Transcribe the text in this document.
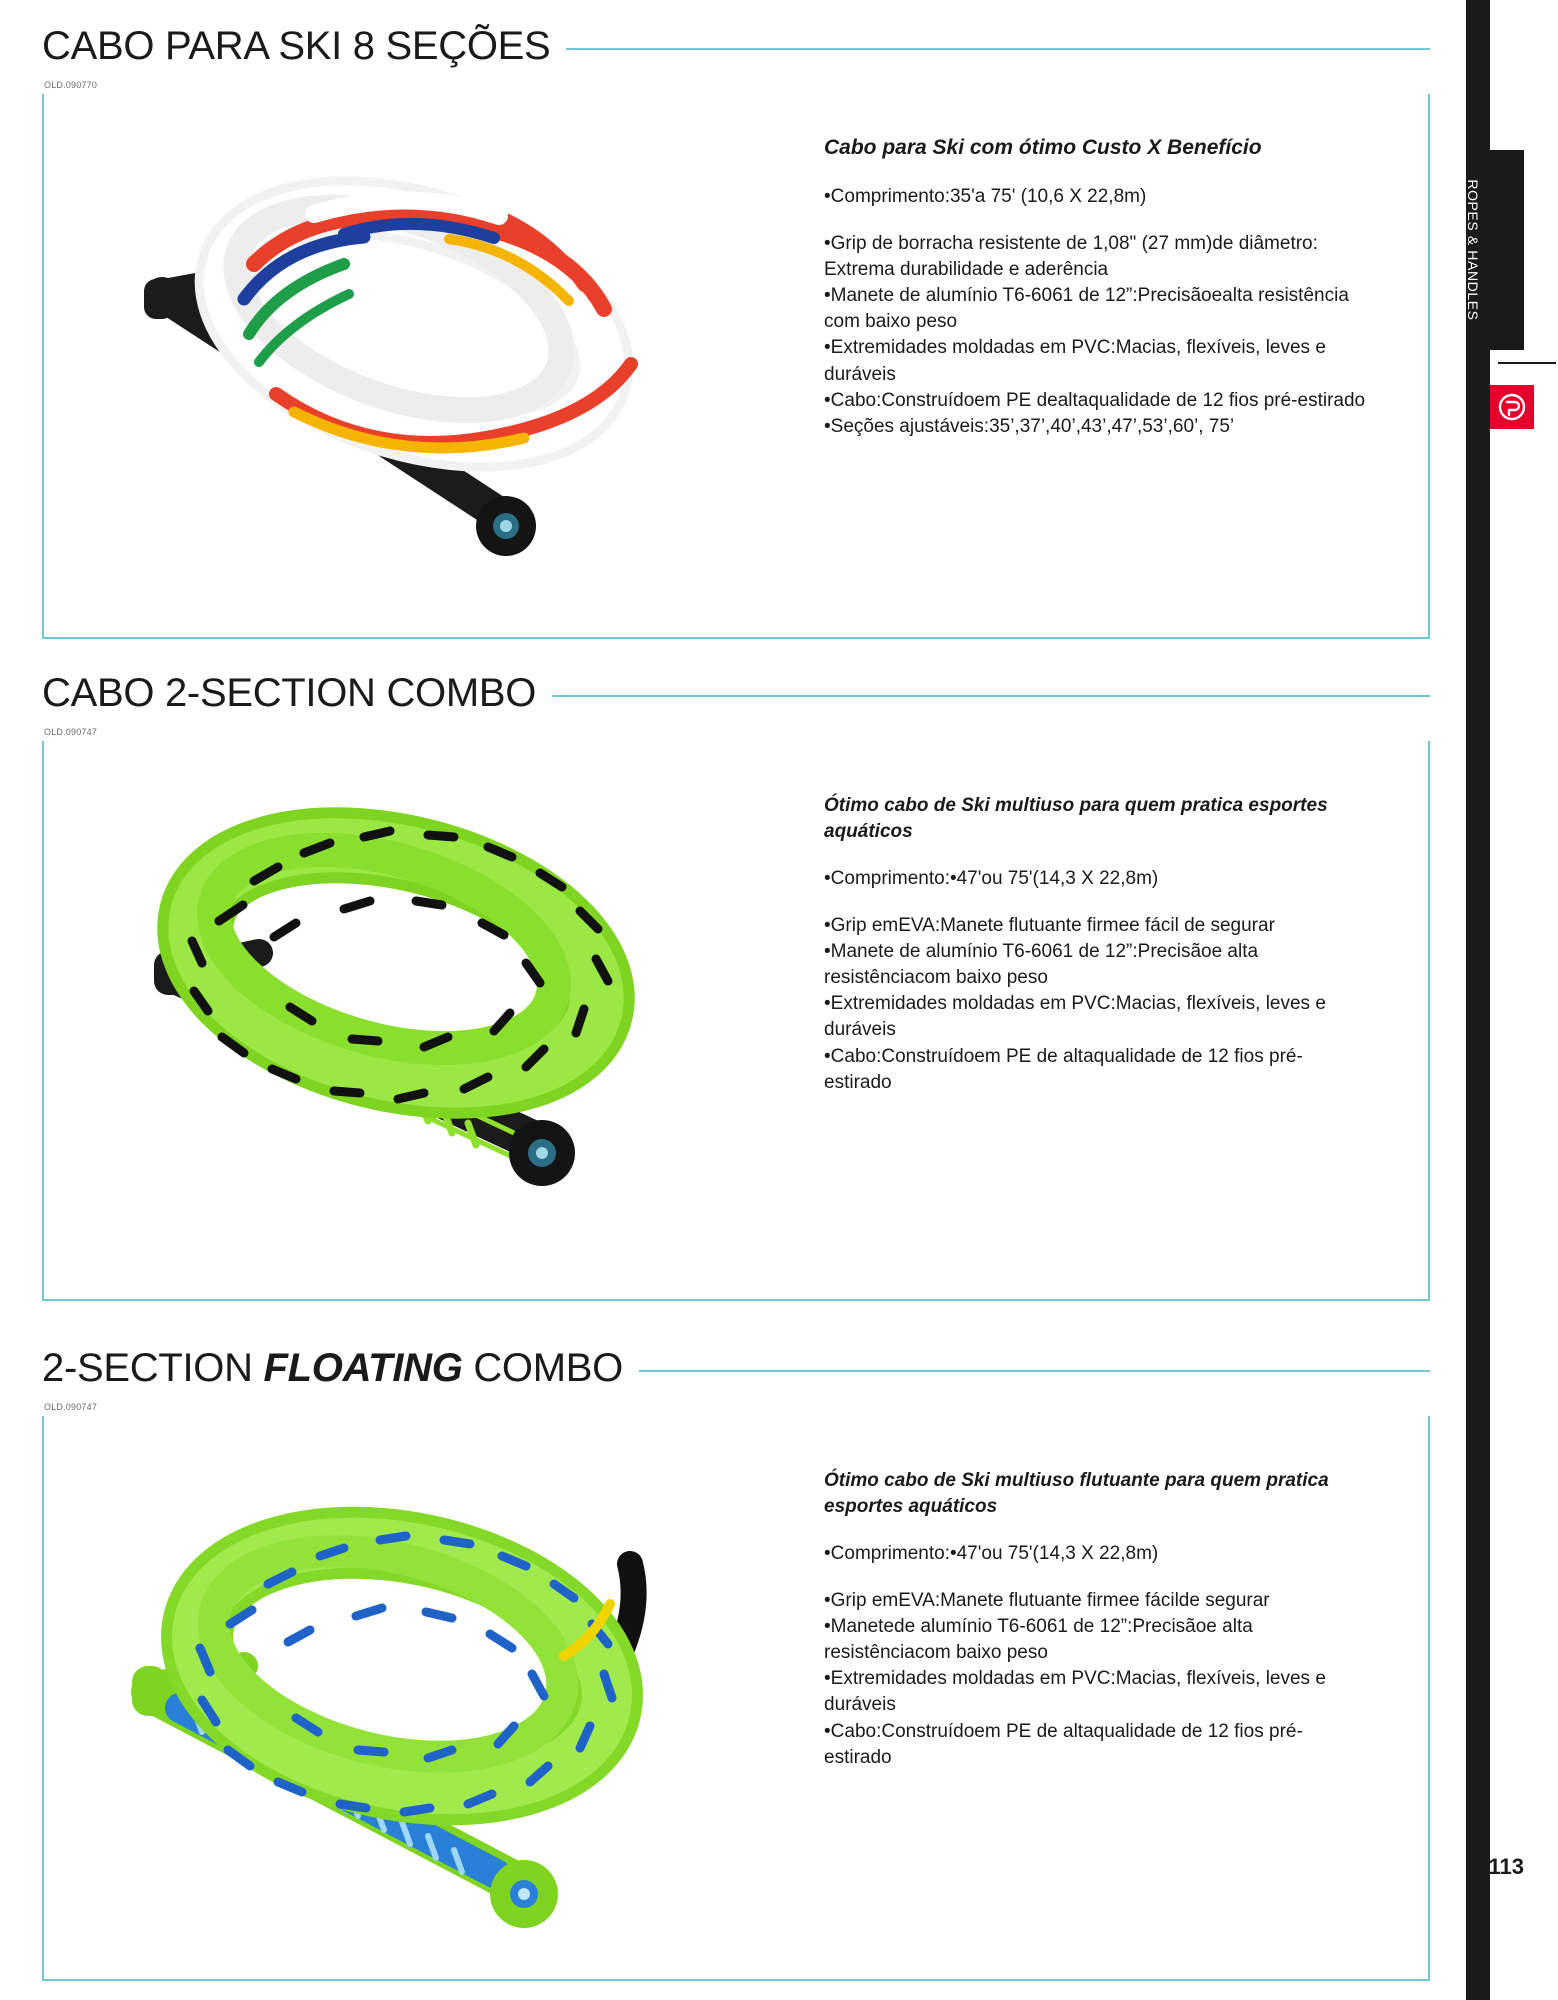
CABO PARA SKI 8 SEÇÕES
OLD.090770

Cabo para Ski com ótimo Custo X Benefício

•Comprimento:35'a 75' (10,6 X 22,8m)

•Grip de borracha resistente de 1,08" (27 mm)de diâmetro: Extrema durabilidade e aderência
•Manete de alumínio T6-6061 de 12”:Precisãoealta resistência com baixo peso
•Extremidades moldadas em PVC:Macias, flexíveis, leves e duráveis
•Cabo:Construídoem PE dealtaqualidade de 12 fios pré-estirado
•Seções ajustáveis:35’,37’,40’,43’,47’,53’,60’, 75’
CABO 2-SECTION COMBO
OLD.090747

Ótimo cabo de Ski multiuso para quem pratica esportes aquáticos

•Comprimento:•47'ou 75'(14,3 X 22,8m)

•Grip emEVA:Manete flutuante firmee fácil de segurar
•Manete de alumínio T6-6061 de 12”:Precisãoe alta resistênciacom baixo peso
•Extremidades moldadas em PVC:Macias, flexíveis, leves e duráveis
•Cabo:Construídoem PE de altaqualidade de 12 fios pré-estirado
2-SECTION FLOATING COMBO
OLD.090747

Ótimo cabo de Ski multiuso flutuante para quem pratica esportes aquáticos

•Comprimento:•47'ou 75'(14,3 X 22,8m)

•Grip emEVA:Manete flutuante firmee fácilde segurar
•Manetede alumínio T6-6061 de 12”:Precisãoe alta resistênciacom baixo peso
•Extremidades moldadas em PVC:Macias, flexíveis, leves e duráveis
•Cabo:Construídoem PE de altaqualidade de 12 fios pré-estirado
ROPES & HANDLES
113
